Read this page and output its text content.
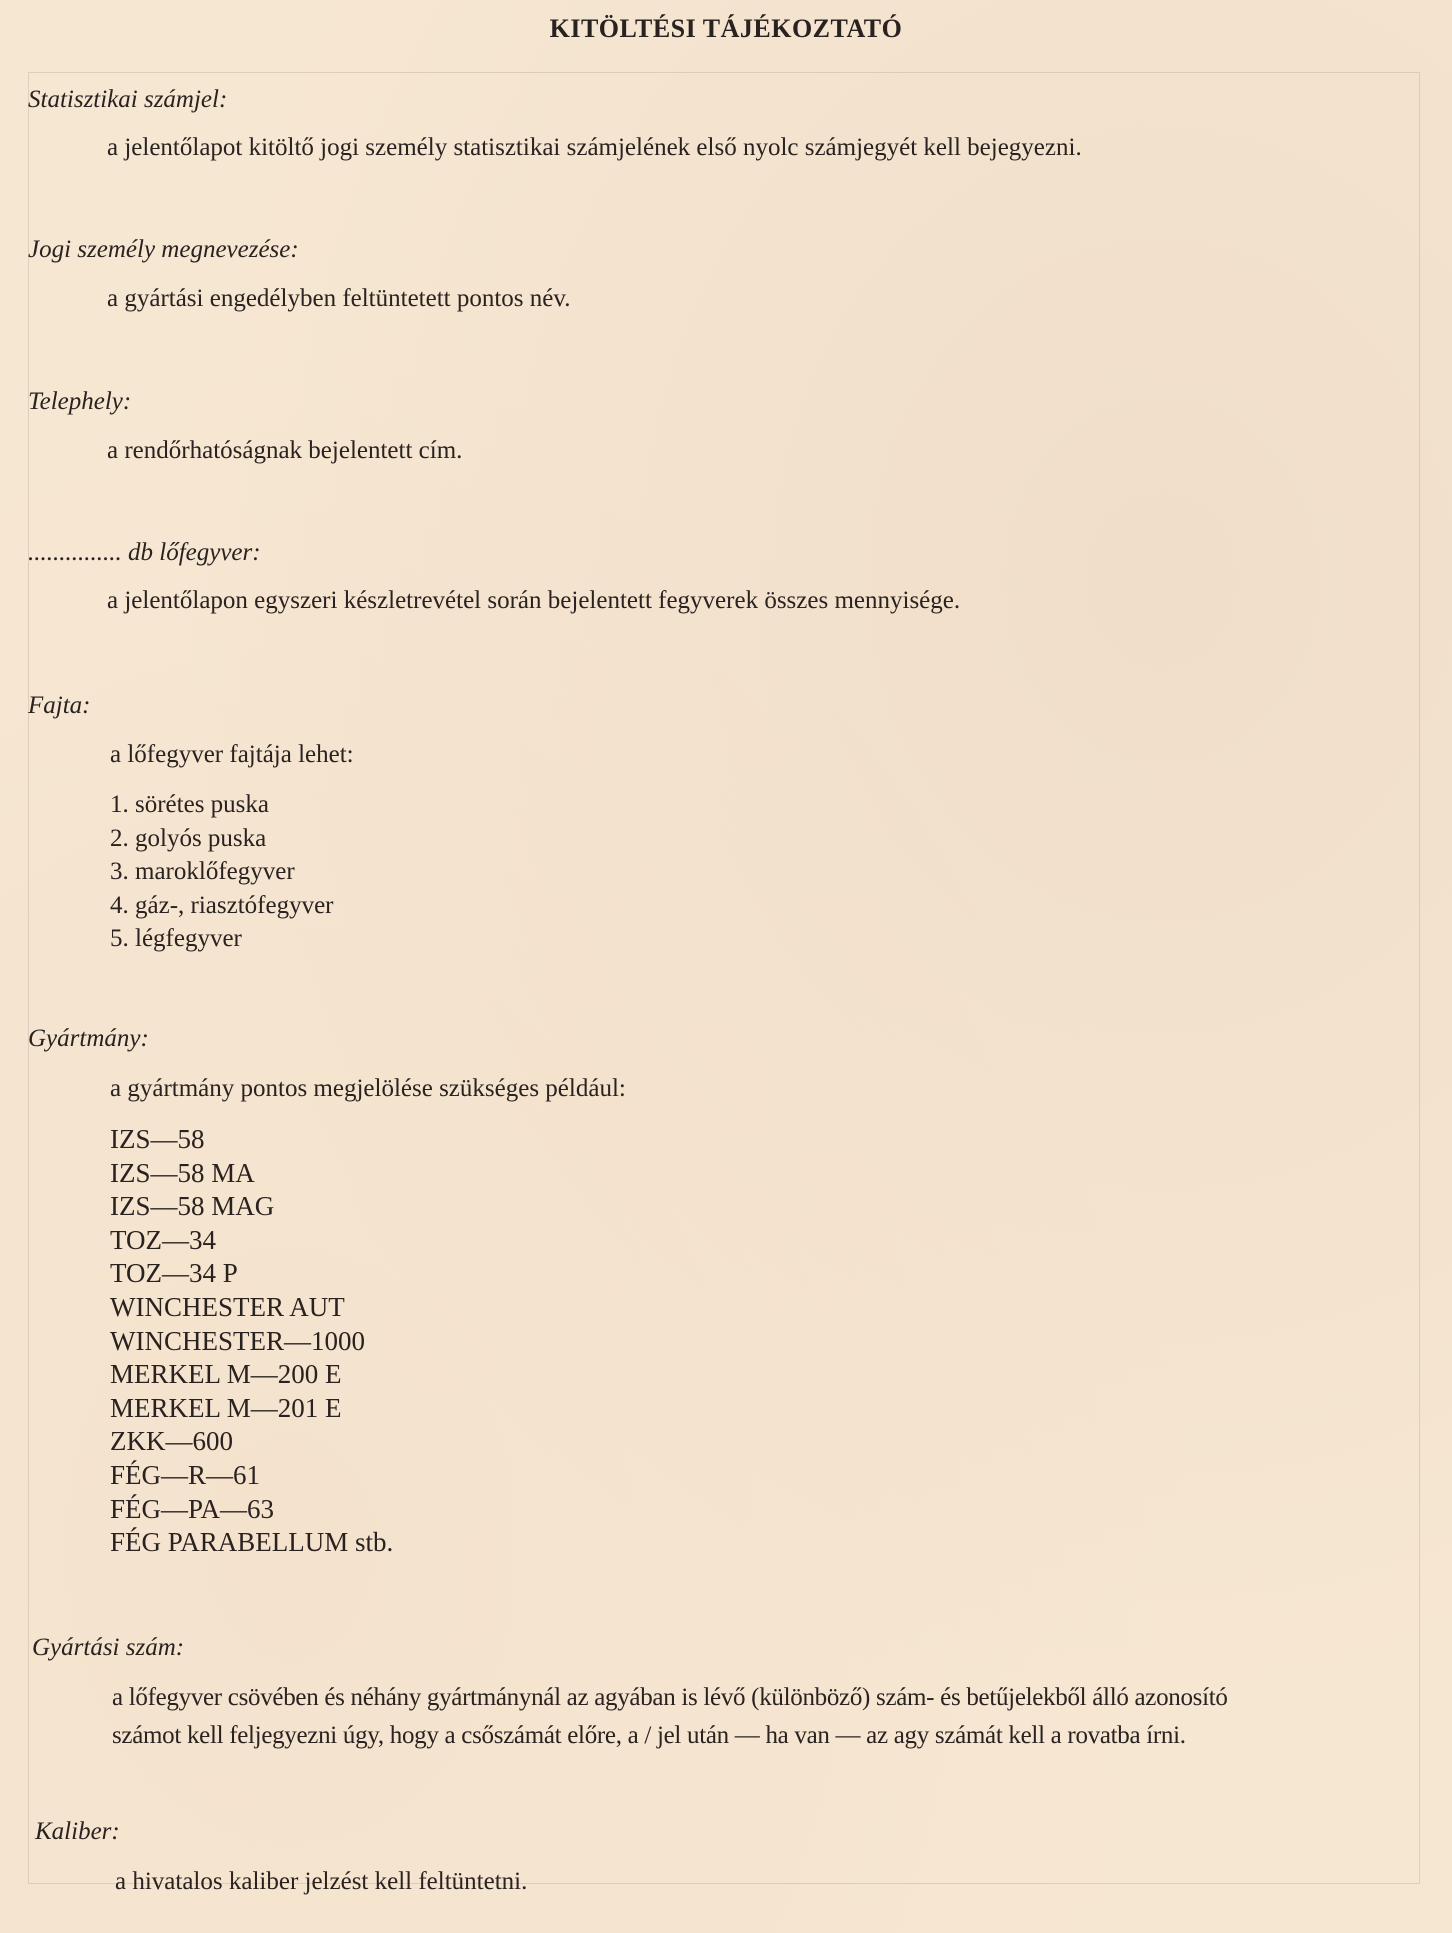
KITÖLTÉSI TÁJÉKOZTATÓ
Statisztikai számjel:
a jelentőlapot kitöltő jogi személy statisztikai számjelének első nyolc számjegyét kell bejegyezni.
Jogi személy megnevezése:
a gyártási engedélyben feltüntetett pontos név.
Telephely:
a rendőrhatóságnak bejelentett cím.
............... db lőfegyver:
a jelentőlapon egyszeri készletrevétel során bejelentett fegyverek összes mennyisége.
Fajta:
a lőfegyver fajtája lehet:
1. sörétes puska
2. golyós puska
3. maroklőfegyver
4. gáz-, riasztófegyver
5. légfegyver
Gyártmány:
a gyártmány pontos megjelölése szükséges például:
IZS—58
IZS—58 MA
IZS—58 MAG
TOZ—34
TOZ—34 P
WINCHESTER AUT
WINCHESTER—1000
MERKEL M—200 E
MERKEL M—201 E
ZKK—600
FÉG—R—61
FÉG—PA—63
FÉG PARABELLUM stb.
Gyártási szám:
a lőfegyver csövében és néhány gyártmánynál az agyában is lévő (különböző) szám- és betűjelekből álló azonosító
számot kell feljegyezni úgy, hogy a csőszámát előre, a / jel után — ha van — az agy számát kell a rovatba írni.
Kaliber:
a hivatalos kaliber jelzést kell feltüntetni.
